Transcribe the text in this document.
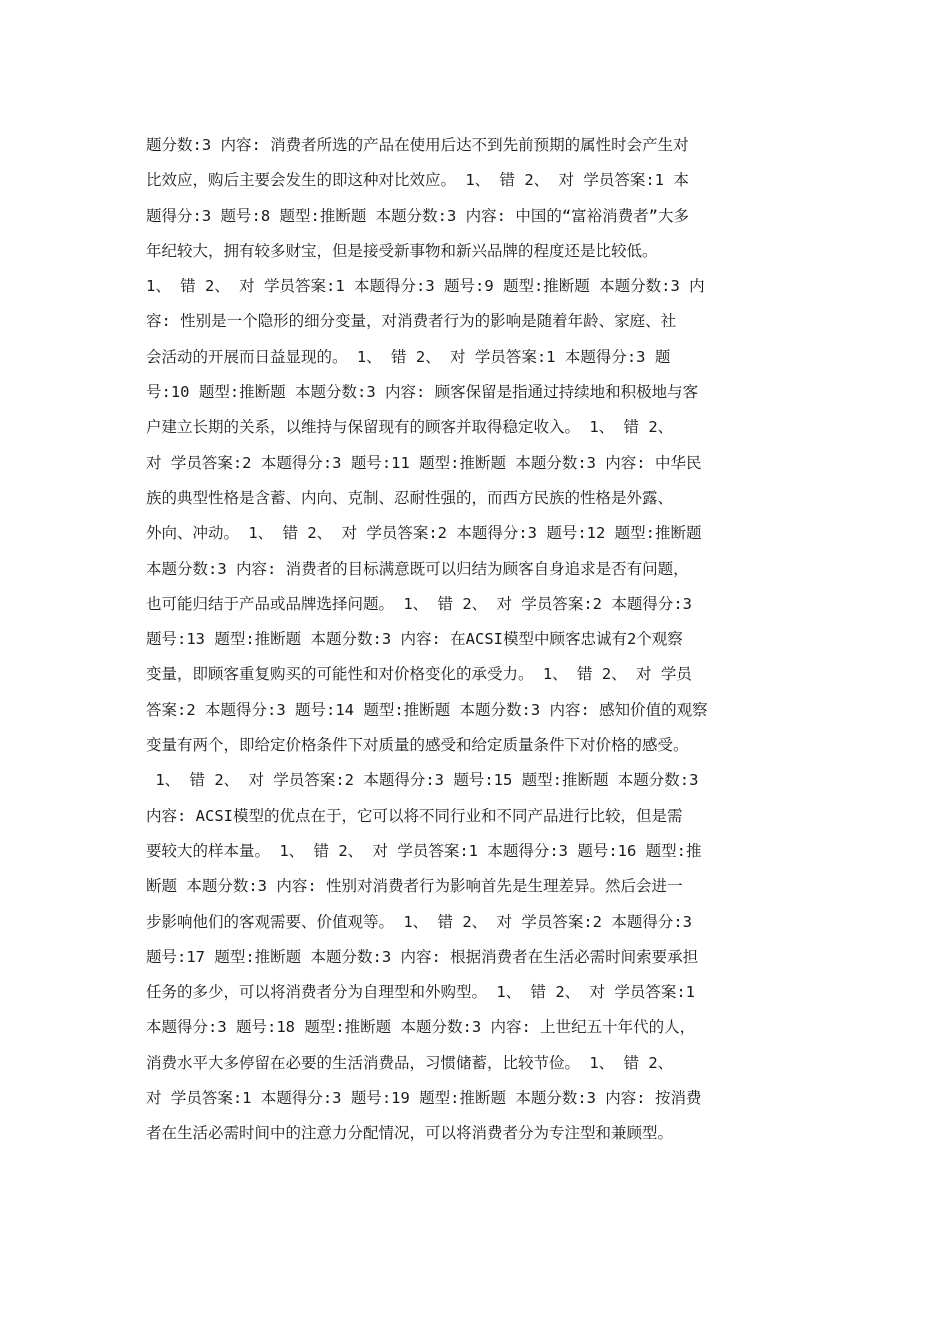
题分数:3 内容: 消费者所选的产品在使用后达不到先前预期的属性时会产生对
比效应，购后主要会发生的即这种对比效应。 1、 错 2、 对 学员答案:1 本
题得分:3 题号:8 题型:推断题 本题分数:3 内容: 中国的“富裕消费者”大多
年纪较大，拥有较多财宝，但是接受新事物和新兴品牌的程度还是比较低。
1、 错 2、 对 学员答案:1 本题得分:3 题号:9 题型:推断题 本题分数:3 内
容: 性别是一个隐形的细分变量，对消费者行为的影响是随着年龄、家庭、社
会活动的开展而日益显现的。 1、 错 2、 对 学员答案:1 本题得分:3 题
号:10 题型:推断题 本题分数:3 内容: 顾客保留是指通过持续地和积极地与客
户建立长期的关系，以维持与保留现有的顾客并取得稳定收入。 1、 错 2、
对 学员答案:2 本题得分:3 题号:11 题型:推断题 本题分数:3 内容: 中华民
族的典型性格是含蓄、内向、克制、忍耐性强的，而西方民族的性格是外露、
外向、冲动。 1、 错 2、 对 学员答案:2 本题得分:3 题号:12 题型:推断题
本题分数:3 内容: 消费者的目标满意既可以归结为顾客自身追求是否有问题，
也可能归结于产品或品牌选择问题。 1、 错 2、 对 学员答案:2 本题得分:3
题号:13 题型:推断题 本题分数:3 内容: 在ACSI模型中顾客忠诚有2个观察
变量，即顾客重复购买的可能性和对价格变化的承受力。 1、 错 2、 对 学员
答案:2 本题得分:3 题号:14 题型:推断题 本题分数:3 内容: 感知价值的观察
变量有两个，即给定价格条件下对质量的感受和给定质量条件下对价格的感受。
1、 错 2、 对 学员答案:2 本题得分:3 题号:15 题型:推断题 本题分数:3
内容: ACSI模型的优点在于，它可以将不同行业和不同产品进行比较，但是需
要较大的样本量。 1、 错 2、 对 学员答案:1 本题得分:3 题号:16 题型:推
断题 本题分数:3 内容: 性别对消费者行为影响首先是生理差异。然后会进一
步影响他们的客观需要、价值观等。 1、 错 2、 对 学员答案:2 本题得分:3
题号:17 题型:推断题 本题分数:3 内容: 根据消费者在生活必需时间索要承担
任务的多少，可以将消费者分为自理型和外购型。 1、 错 2、 对 学员答案:1
本题得分:3 题号:18 题型:推断题 本题分数:3 内容: 上世纪五十年代的人，
消费水平大多停留在必要的生活消费品，习惯储蓄，比较节俭。 1、 错 2、
对 学员答案:1 本题得分:3 题号:19 题型:推断题 本题分数:3 内容: 按消费
者在生活必需时间中的注意力分配情况，可以将消费者分为专注型和兼顾型。
